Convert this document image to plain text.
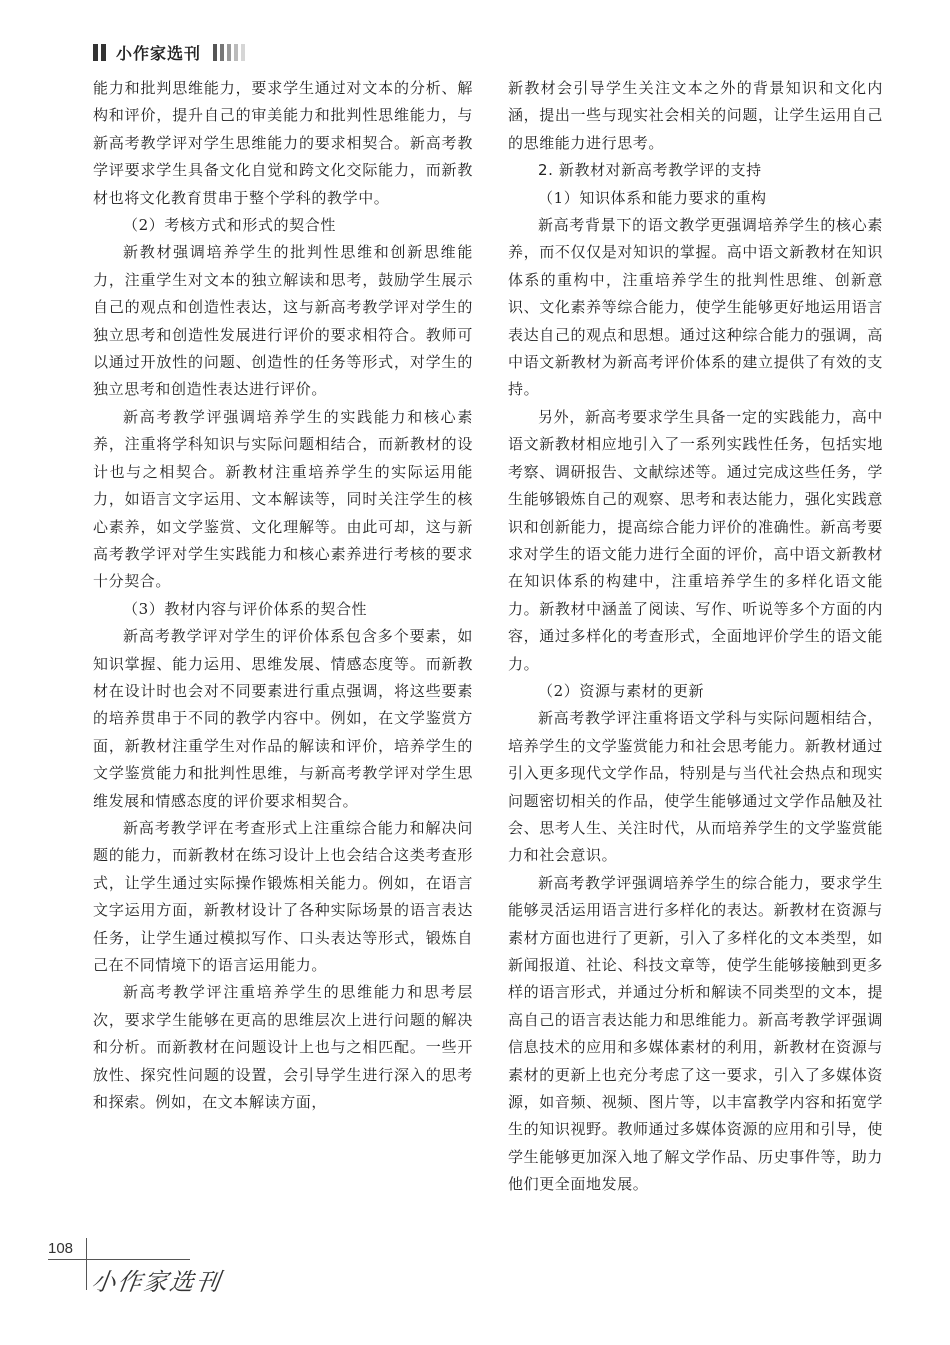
小作家选刊

能力和批判思维能力，要求学生通过对文本的分析、解构和评价，提升自己的审美能力和批判性思维能力，与新高考教学评对学生思维能力的要求相契合。新高考教学评要求学生具备文化自觉和跨文化交际能力，而新教材也将文化教育贯串于整个学科的教学中。

（2）考核方式和形式的契合性

新教材强调培养学生的批判性思维和创新思维能力，注重学生对文本的独立解读和思考，鼓励学生展示自己的观点和创造性表达，这与新高考教学评对学生的独立思考和创造性发展进行评价的要求相符合。教师可以通过开放性的问题、创造性的任务等形式，对学生的独立思考和创造性表达进行评价。

新高考教学评强调培养学生的实践能力和核心素养，注重将学科知识与实际问题相结合，而新教材的设计也与之相契合。新教材注重培养学生的实际运用能力，如语言文字运用、文本解读等，同时关注学生的核心素养，如文学鉴赏、文化理解等。由此可却，这与新高考教学评对学生实践能力和核心素养进行考核的要求十分契合。

（3）教材内容与评价体系的契合性

新高考教学评对学生的评价体系包含多个要素，如知识掌握、能力运用、思维发展、情感态度等。而新教材在设计时也会对不同要素进行重点强调，将这些要素的培养贯串于不同的教学内容中。例如，在文学鉴赏方面，新教材注重学生对作品的解读和评价，培养学生的文学鉴赏能力和批判性思维，与新高考教学评对学生思维发展和情感态度的评价要求相契合。

新高考教学评在考查形式上注重综合能力和解决问题的能力，而新教材在练习设计上也会结合这类考查形式，让学生通过实际操作锻炼相关能力。例如，在语言文字运用方面，新教材设计了各种实际场景的语言表达任务，让学生通过模拟写作、口头表达等形式，锻炼自己在不同情境下的语言运用能力。

新高考教学评注重培养学生的思维能力和思考层次，要求学生能够在更高的思维层次上进行问题的解决和分析。而新教材在问题设计上也与之相匹配。一些开放性、探究性问题的设置，会引导学生进行深入的思考和探索。例如，在文本解读方面，

新教材会引导学生关注文本之外的背景知识和文化内涵，提出一些与现实社会相关的问题，让学生运用自己的思维能力进行思考。

2. 新教材对新高考教学评的支持

（1）知识体系和能力要求的重构

新高考背景下的语文教学更强调培养学生的核心素养，而不仅仅是对知识的掌握。高中语文新教材在知识体系的重构中，注重培养学生的批判性思维、创新意识、文化素养等综合能力，使学生能够更好地运用语言表达自己的观点和思想。通过这种综合能力的强调，高中语文新教材为新高考评价体系的建立提供了有效的支持。

另外，新高考要求学生具备一定的实践能力，高中语文新教材相应地引入了一系列实践性任务，包括实地考察、调研报告、文献综述等。通过完成这些任务，学生能够锻炼自己的观察、思考和表达能力，强化实践意识和创新能力，提高综合能力评价的准确性。新高考要求对学生的语文能力进行全面的评价，高中语文新教材在知识体系的构建中，注重培养学生的多样化语文能力。新教材中涵盖了阅读、写作、听说等多个方面的内容，通过多样化的考查形式，全面地评价学生的语文能力。

（2）资源与素材的更新

新高考教学评注重将语文学科与实际问题相结合，培养学生的文学鉴赏能力和社会思考能力。新教材通过引入更多现代文学作品，特别是与当代社会热点和现实问题密切相关的作品，使学生能够通过文学作品触及社会、思考人生、关注时代，从而培养学生的文学鉴赏能力和社会意识。

新高考教学评强调培养学生的综合能力，要求学生能够灵活运用语言进行多样化的表达。新教材在资源与素材方面也进行了更新，引入了多样化的文本类型，如新闻报道、社论、科技文章等，使学生能够接触到更多样的语言形式，并通过分析和解读不同类型的文本，提高自己的语言表达能力和思维能力。新高考教学评强调信息技术的应用和多媒体素材的利用，新教材在资源与素材的更新上也充分考虑了这一要求，引入了多媒体资源，如音频、视频、图片等，以丰富教学内容和拓宽学生的知识视野。教师通过多媒体资源的应用和引导，使学生能够更加深入地了解文学作品、历史事件等，助力他们更全面地发展。

108
小作家选刊
